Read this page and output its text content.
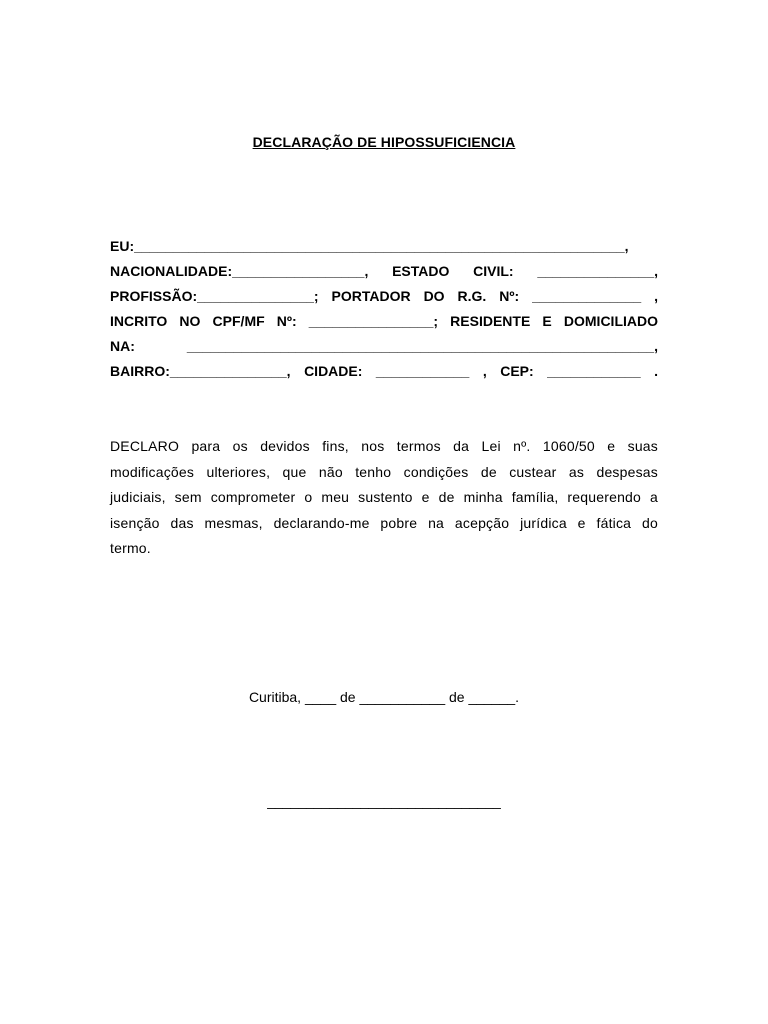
DECLARAÇÃO DE HIPOSSUFICIENCIA
EU:_______________________________________________________________,
NACIONALIDADE:_________________, ESTADO CIVIL: _______________,
PROFISSÃO:_______________; PORTADOR DO R.G. Nº: ______________ ,
INCRITO NO CPF/MF Nº: ________________; RESIDENTE E DOMICILIADO
NA: ____________________________________________________________,
BAIRRO:_______________, CIDADE: ____________ , CEP: ____________ .
DECLARO para os devidos fins, nos termos da Lei nº. 1060/50 e suas
modificações ulteriores, que não tenho condições de custear as despesas
judiciais, sem comprometer o meu sustento e de minha família, requerendo a
isenção das mesmas, declarando-me pobre na acepção jurídica e fática do
termo.
Curitiba, ____ de ___________ de ______.
______________________________
